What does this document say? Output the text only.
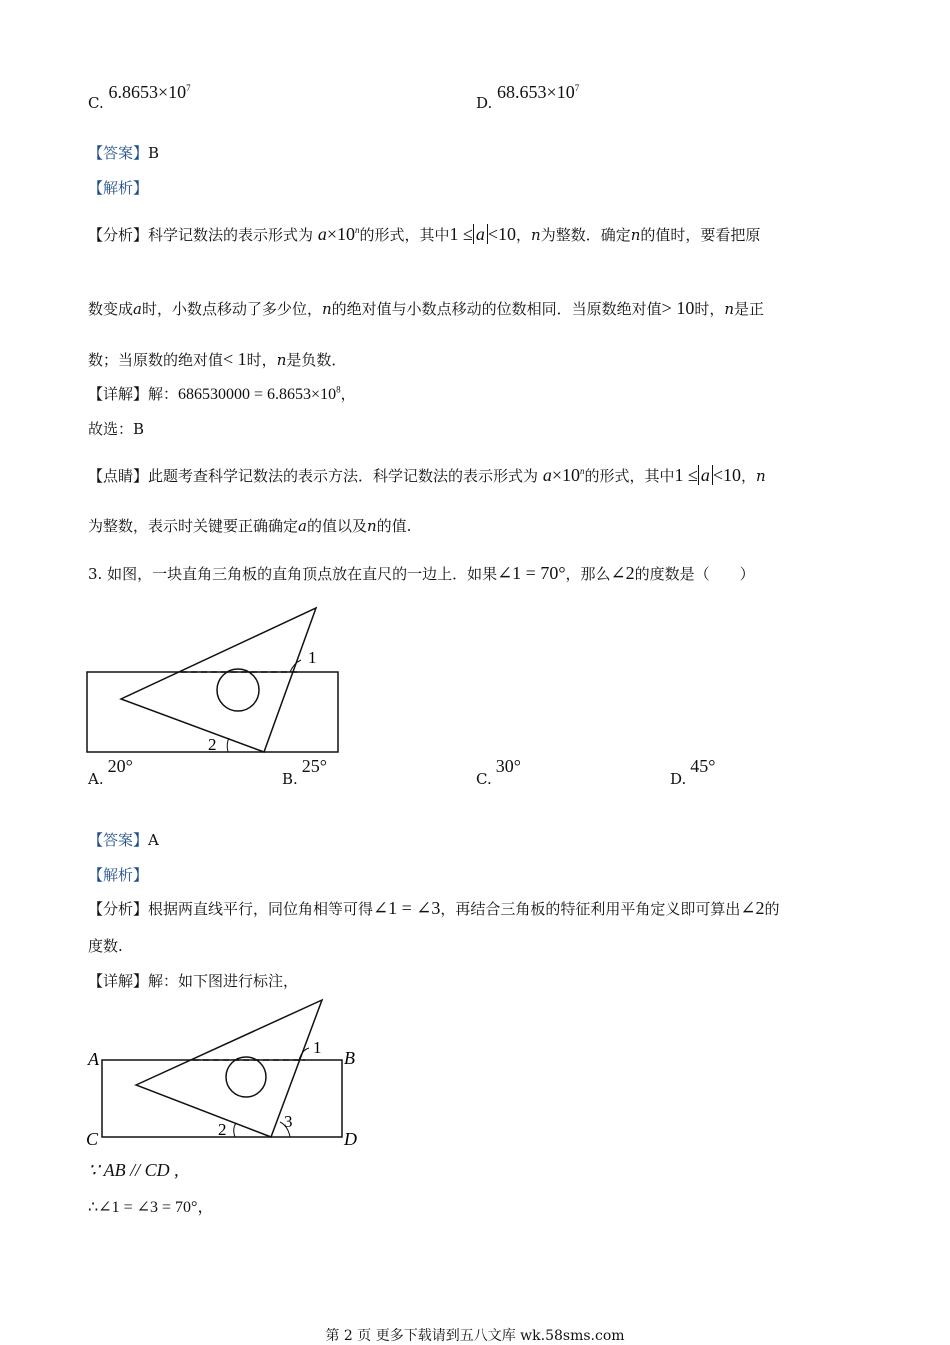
C. $6.8653\times 10^7$
D. $68.653\times 10^7$
【答案】B
【解析】
【分析】科学记数法的表示形式为 $a\times 10^n$的形式，其中1 ≤ a <10，n为整数．确定n的值时，要看把原
数变成a时，小数点移动了多少位，n的绝对值与小数点移动的位数相同．当原数绝对值> 10时，n是正
数；当原数的绝对值< 1时，n是负数．
【详解】解：$686530000 = 6.8653\times 10^8$，
故选：B
【点睛】此题考查科学记数法的表示方法．科学记数法的表示形式为 $a\times 10^n$的形式，其中1 ≤ a <10，n
为整数，表示时关键要正确确定a的值以及n的值.
3. 如图，一块直角三角板的直角顶点放在直尺的一边上．如果∠1 = 70°，那么∠2的度数是（　　）
1
2
A.20°
B.25°
C.30°
D.45°
【答案】A
【解析】
【分析】根据两直线平行，同位角相等可得∠1 = ∠3，再结合三角板的特征利用平角定义即可算出∠2的
度数.
【详解】解：如下图进行标注，
1
2	3
A	B
C	D
∵ AB // CD ,
∴∠1 = ∠3 = 70°，
第 2 页 更多下载请到五八文库 wk.58sms.com
